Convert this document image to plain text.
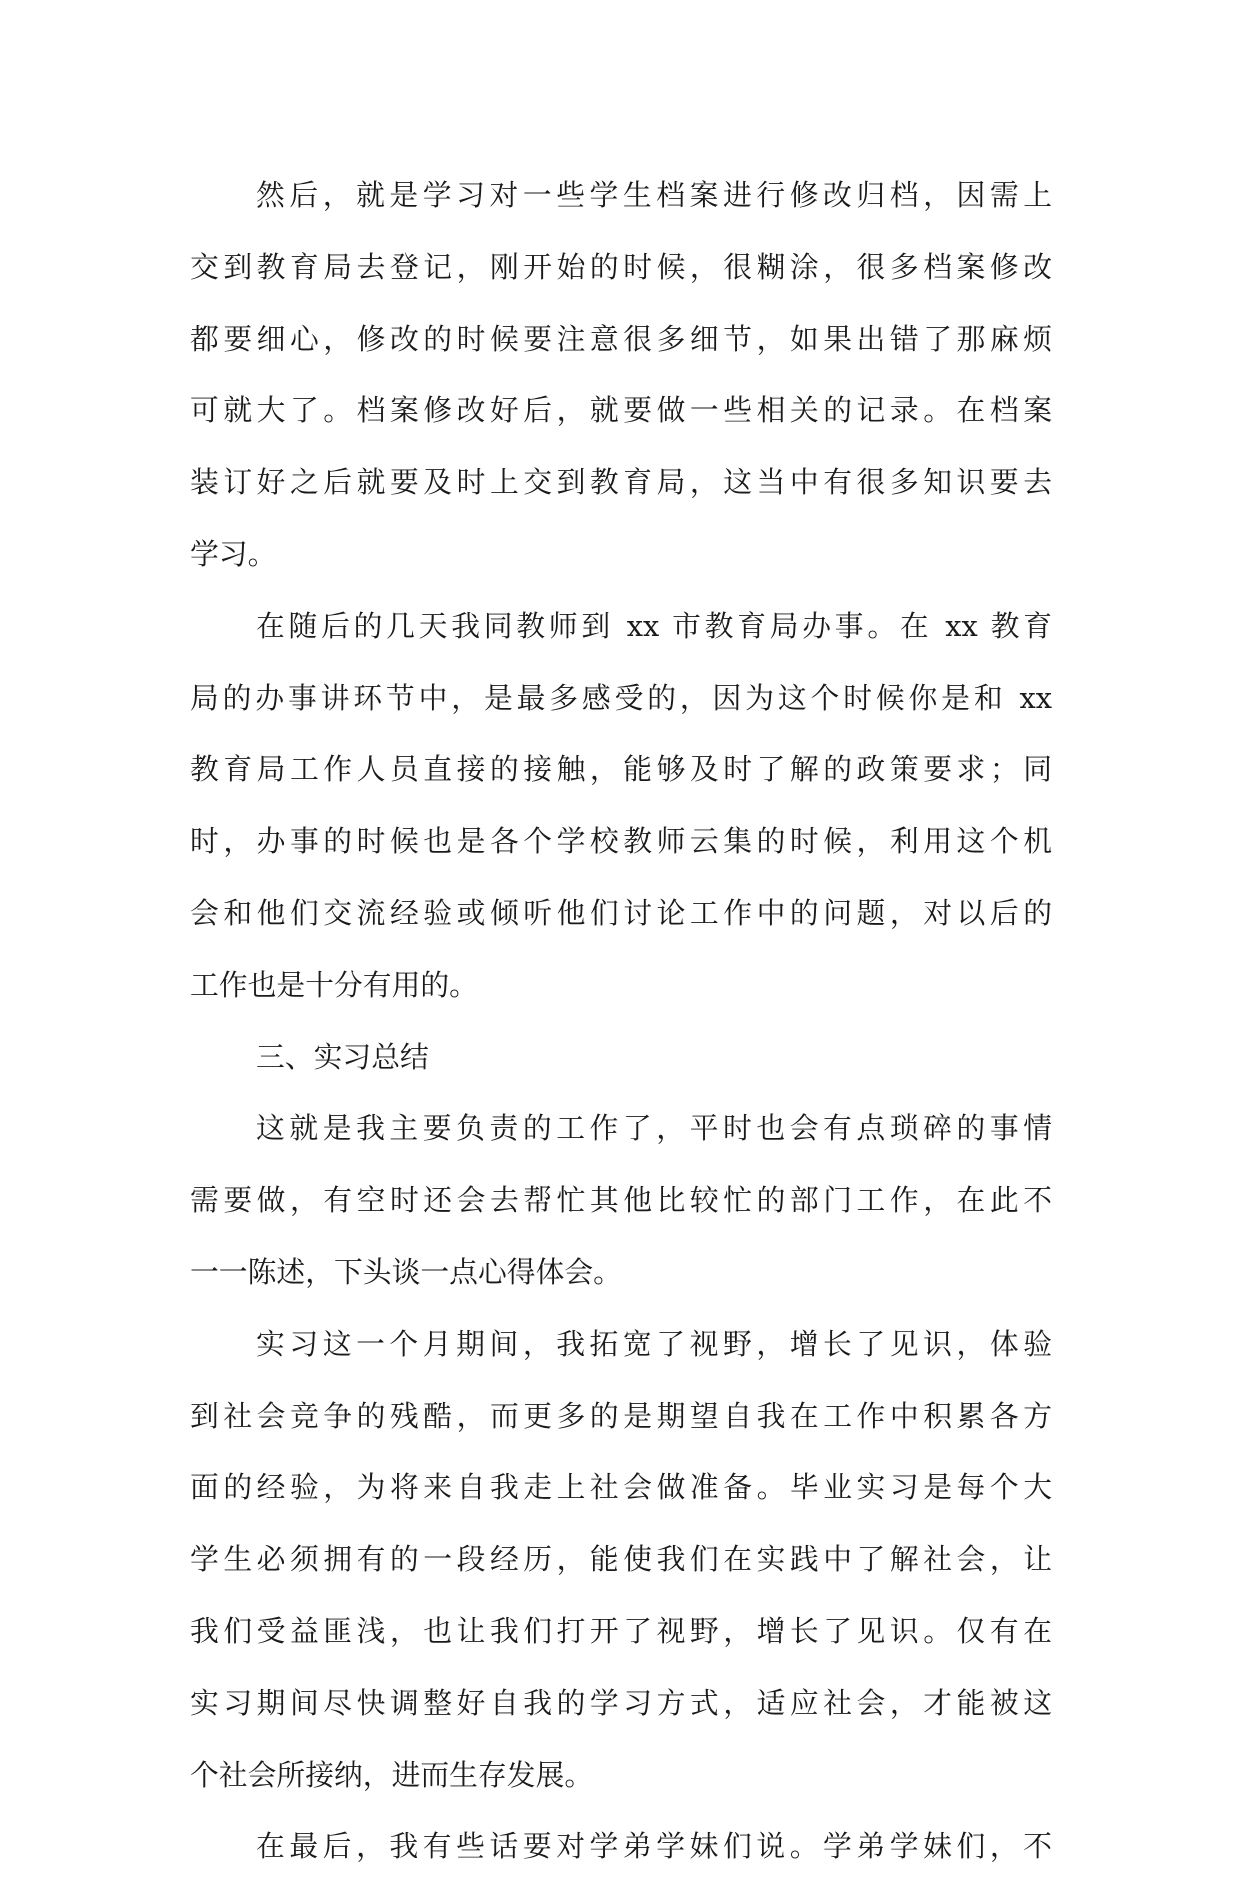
然后，就是学习对一些学生档案进行修改归档，因需上
交到教育局去登记，刚开始的时候，很糊涂，很多档案修改
都要细心，修改的时候要注意很多细节，如果出错了那麻烦
可就大了。档案修改好后，就要做一些相关的记录。在档案
装订好之后就要及时上交到教育局，这当中有很多知识要去
学习。
在随后的几天我同教师到 xx 市教育局办事。在 xx 教育
局的办事讲环节中，是最多感受的，因为这个时候你是和 xx
教育局工作人员直接的接触，能够及时了解的政策要求；同
时，办事的时候也是各个学校教师云集的时候，利用这个机
会和他们交流经验或倾听他们讨论工作中的问题，对以后的
工作也是十分有用的。
三、实习总结
这就是我主要负责的工作了，平时也会有点琐碎的事情
需要做，有空时还会去帮忙其他比较忙的部门工作，在此不
一一陈述，下头谈一点心得体会。
实习这一个月期间，我拓宽了视野，增长了见识，体验
到社会竞争的残酷，而更多的是期望自我在工作中积累各方
面的经验，为将来自我走上社会做准备。毕业实习是每个大
学生必须拥有的一段经历，能使我们在实践中了解社会，让
我们受益匪浅，也让我们打开了视野，增长了见识。仅有在
实习期间尽快调整好自我的学习方式，适应社会，才能被这
个社会所接纳，进而生存发展。
在最后，我有些话要对学弟学妹们说。学弟学妹们，不
